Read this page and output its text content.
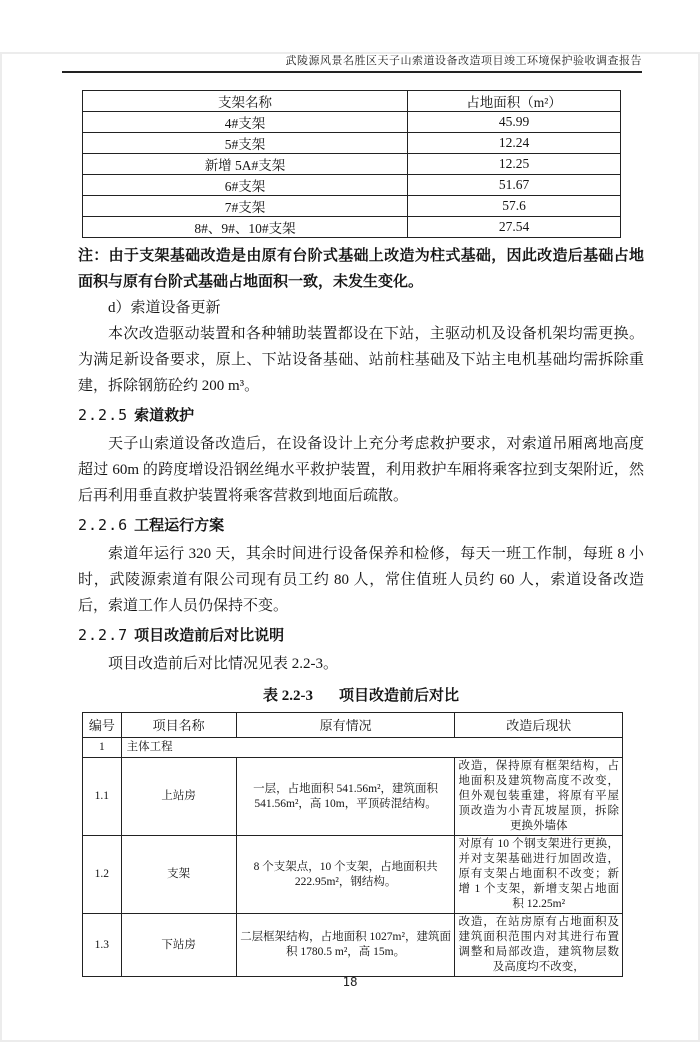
武陵源风景名胜区天子山索道设备改造项目竣工环境保护验收调查报告
支架名称	占地面积（m²）
4#支架	45.99
5#支架	12.24
新增 5A#支架	12.25
6#支架	51.67
7#支架	57.6
8#、9#、10#支架	27.54

注：由于支架基础改造是由原有台阶式基础上改造为柱式基础，因此改造后基础占地面积与原有台阶式基础占地面积一致，未发生变化。

d）索道设备更新

本次改造驱动装置和各种辅助装置都设在下站，主驱动机及设备机架均需更换。为满足新设备要求，原上、下站设备基础、站前柱基础及下站主电机基础均需拆除重建，拆除钢筋砼约 200 m³。

2.2.5 索道救护

天子山索道设备改造后，在设备设计上充分考虑救护要求，对索道吊厢离地高度超过 60m 的跨度增设沿钢丝绳水平救护装置，利用救护车厢将乘客拉到支架附近，然后再利用垂直救护装置将乘客营救到地面后疏散。

2.2.6 工程运行方案

索道年运行 320 天，其余时间进行设备保养和检修，每天一班工作制，每班 8 小时，武陵源索道有限公司现有员工约 80 人，常住值班人员约 60 人，索道设备改造后，索道工作人员仍保持不变。

2.2.7 项目改造前后对比说明

项目改造前后对比情况见表 2.2-3。

表 2.2-3 项目改造前后对比
编号	项目名称	原有情况	改造后现状
1	主体工程		
1.1	上站房	一层，占地面积 541.56m²，建筑面积 541.56m²，高 10m，平顶砖混结构。	改造，保持原有框架结构，占地面积及建筑物高度不改变，但外观包装重建，将原有平屋顶改造为小青瓦坡屋顶，拆除更换外墙体
1.2	支架	8 个支架点，10 个支架，占地面积共 222.95m²，钢结构。	对原有 10 个钢支架进行更换，并对支架基础进行加固改造，原有支架占地面积不改变；新增 1 个支架，新增支架占地面积 12.25m²
1.3	下站房	二层框架结构，占地面积 1027m²，建筑面积 1780.5 m²，高 15m。	改造，在站房原有占地面积及建筑面积范围内对其进行布置调整和局部改造，建筑物层数及高度均不改变，
18
